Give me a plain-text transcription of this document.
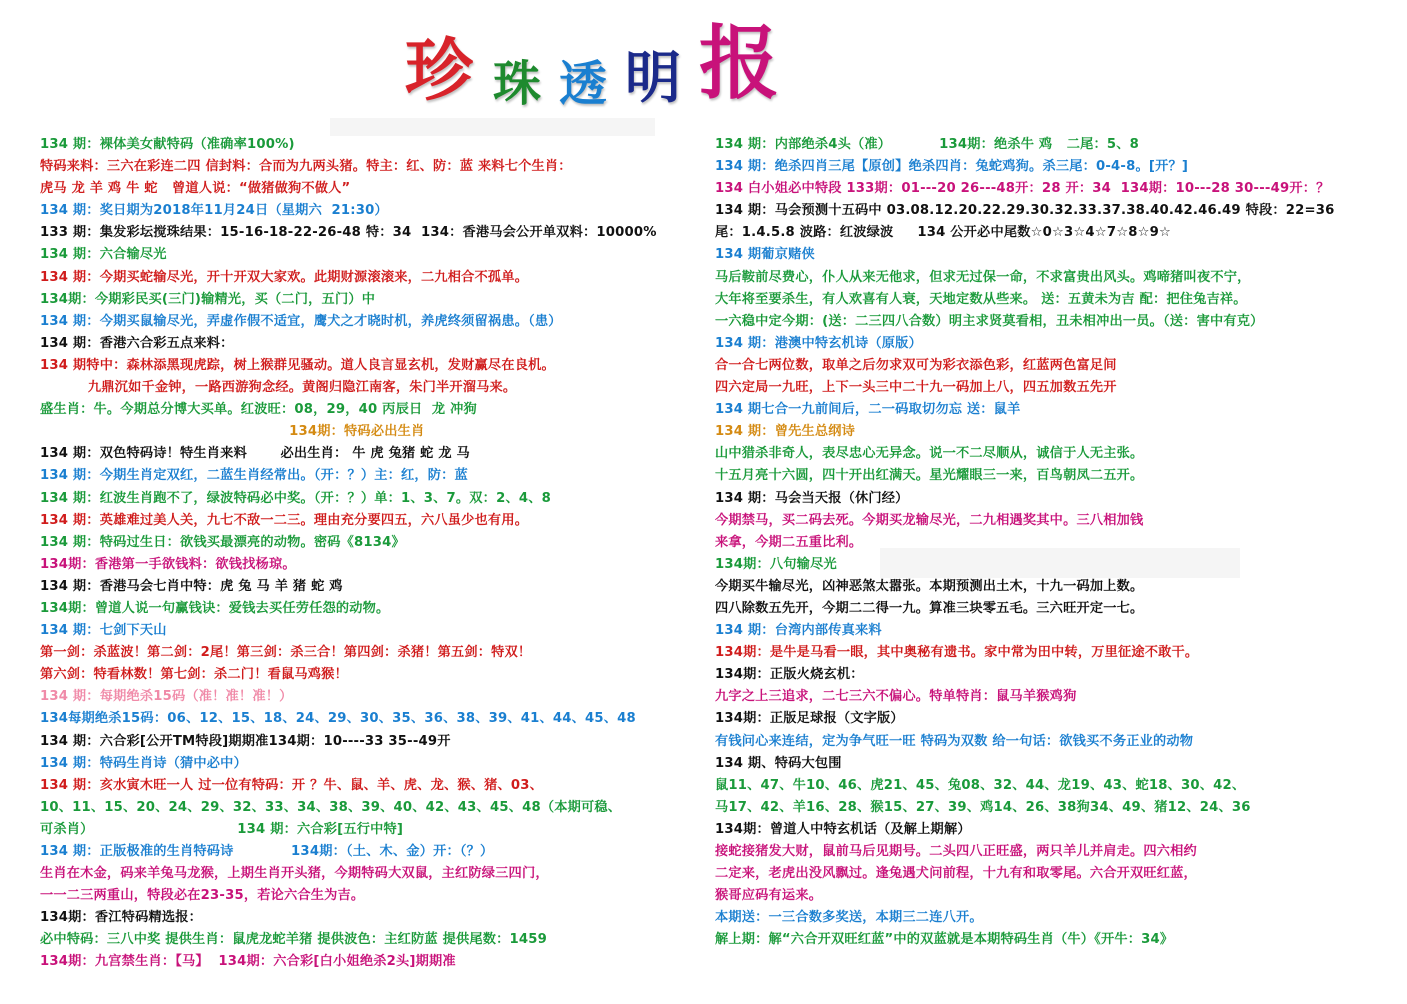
珍 珠 透 明 报
134 期：裸体美女献特码（准确率100%)
特码来料：三六在彩连二四 信封料：合而为九两头猪。特主：红、防：蓝 来料七个生肖：
虎马 龙 羊 鸡 牛 蛇   曾道人说：“做猪做狗不做人”
134 期：奖日期为2018年11月24日（星期六  21:30）
133 期：集发彩坛搅珠结果：15-16-18-22-26-48 特：34  134：香港马会公开单双料：10000%
134 期：六合输尽光
134 期：今期买蛇输尽光，开十开双大家欢。此期财源滚滚来，二九相合不孤单。
134期：今期彩民买(三门)输精光，买（二门，五门）中
134 期：今期买鼠输尽光，弄虚作假不适宜，鹰犬之才晓时机，养虎终须留祸患。（患）
134 期：香港六合彩五点来料：
134 期特中：森林添黑现虎踪，树上猴群见骚动。道人良言显玄机，发财赢尽在良机。
九鼎沉如千金钟，一路西游狗念经。黄阁归隐江南客，朱门半开溜马来。
盛生肖：牛。今期总分博大买单。红波旺：08，29，40 丙辰日  龙 冲狗
134期：特码必出生肖
134 期：双色特码诗！特生肖来料       必出生肖： 牛 虎 兔猪 蛇 龙 马
134 期：今期生肖定双红，二蓝生肖经常出。（开：？）主：红，防：蓝
134 期：红波生肖跑不了，绿波特码必中奖。（开：？）单：1、3、7。双：2、4、8
134 期：英雄难过美人关，九七不敌一二三。理由充分要四五，六八虽少也有用。
134 期：特码过生日：欲钱买最漂亮的动物。密码《8134》
134期：香港第一手欲钱料：欲钱找杨琼。
134 期：香港马会七肖中特：虎 兔 马 羊 猪 蛇 鸡
134期：曾道人说一句赢钱诀：爱钱去买任劳任怨的动物。
134 期：七剑下天山
第一剑：杀蓝波！第二剑：2尾！第三剑：杀三合！第四剑：杀猪！第五剑：特双！
第六剑：特看林数！第七剑：杀二门！看鼠马鸡猴！
134 期：每期绝杀15码（准！准！准！）
134每期绝杀15码：06、12、15、18、24、29、30、35、36、38、39、41、44、45、48
134 期：六合彩[公开TM特段]期期准134期：10----33 35--49开
134 期：特码生肖诗（猜中必中）
134 期：亥水寅木旺一人 过一位有特码：开 ？牛、鼠、羊、虎、龙、猴、猪、03、
10、11、15、20、24、29、32、33、34、38、39、40、42、43、45、48（本期可稳、
可杀肖）                              134 期：六合彩[五行中特]
134 期：正版极准的生肖特码诗            134期：（土、木、金）开：（？）
生肖在木金，码来羊兔马龙猴，上期生肖开头猪，今期特码大双鼠，主红防绿三四门，
一一二三两重山，特段必在23-35，若论六合生为吉。
134期：香江特码精选报：
必中特码：三八中奖 提供生肖：鼠虎龙蛇羊猪 提供波色：主红防蓝 提供尾数：1459
134期：九宫禁生肖：【马】  134期：六合彩[白小姐绝杀2头]期期准
134 期：内部绝杀4头（准）          134期：绝杀牛 鸡   二尾：5、8
134 期：绝杀四肖三尾【原创】绝杀四肖：兔蛇鸡狗。杀三尾：0-4-8。[开？]
134 白小姐必中特段 133期：01---20 26---48开：28 开：34  134期：10---28 30---49开：？
134 期：马会预测十五码中 03.08.12.20.22.29.30.32.33.37.38.40.42.46.49 特段：22=36
尾：1.4.5.8 波路：红波绿波     134 公开必中尾数☆0☆3☆4☆7☆8☆9☆
134 期葡京赌侠
马后鞍前尽费心，仆人从来无他求，但求无过保一命，不求富贵出风头。鸡啼猪叫夜不宁，
大年将至要杀生，有人欢喜有人衰，天地定数从些来。 送：五黄未为吉 配：把住兔吉祥。
一六稳中定今期：(送：二三四八合数）明主求贤莫看相，丑未相冲出一员。（送：害中有克）
134 期：港澳中特玄机诗（原版）
合一合七两位数，取单之后勿求双可为彩衣添色彩，红蓝两色富足间
四六定局一九旺，上下一头三中二十九一码加上八，四五加数五先开
134 期七合一九前间后，二一码取切勿忘 送：鼠羊
134 期：曾先生总纲诗
山中猎杀非奇人，表尽忠心无异念。说一不二尽顺从，诚信于人无主张。
十五月亮十六圆，四十开出红满天。星光耀眼三一来，百鸟朝凤二五开。
134 期：马会当天报（休门经）
今期禁马，买二码去死。今期买龙输尽光，二九相遇奖其中。三八相加钱
来拿，今期二五重比利。
134期：八句输尽光
今期买牛输尽光，凶神恶煞太嚣张。本期预测出土木，十九一码加上数。
四八除数五先开，今期二二得一九。算准三块零五毛。三六旺开定一七。
134 期：台湾内部传真来料
134期：是牛是马看一眼，其中奥秘有遗书。家中常为田中转，万里征途不敢干。
134期：正版火烧玄机：
九字之上三追求，二七三六不偏心。特单特肖：鼠马羊猴鸡狗
134期：正版足球报（文字版）
有钱问心来连结，定为争气旺一旺 特码为双数 给一句话：欲钱买不务正业的动物
134 期、特码大包围
鼠11、47、牛10、46、虎21、45、兔08、32、44、龙19、43、蛇18、30、42、
马17、42、羊16、28、猴15、27、39、鸡14、26、38狗34、49、猪12、24、36
134期：曾道人中特玄机话（及解上期解）
接蛇接猪发大财，鼠前马后见期号。二头四八正旺盛，两只羊儿并肩走。四六相约
二定来，老虎出没风飘过。逢兔遇犬问前程，十九有和取零尾。六合开双旺红蓝，
猴哥应码有运来。
本期送：一三合数多奖送，本期三二连八开。
解上期：解“六合开双旺红蓝”中的双蓝就是本期特码生肖（牛）《开牛：34》
